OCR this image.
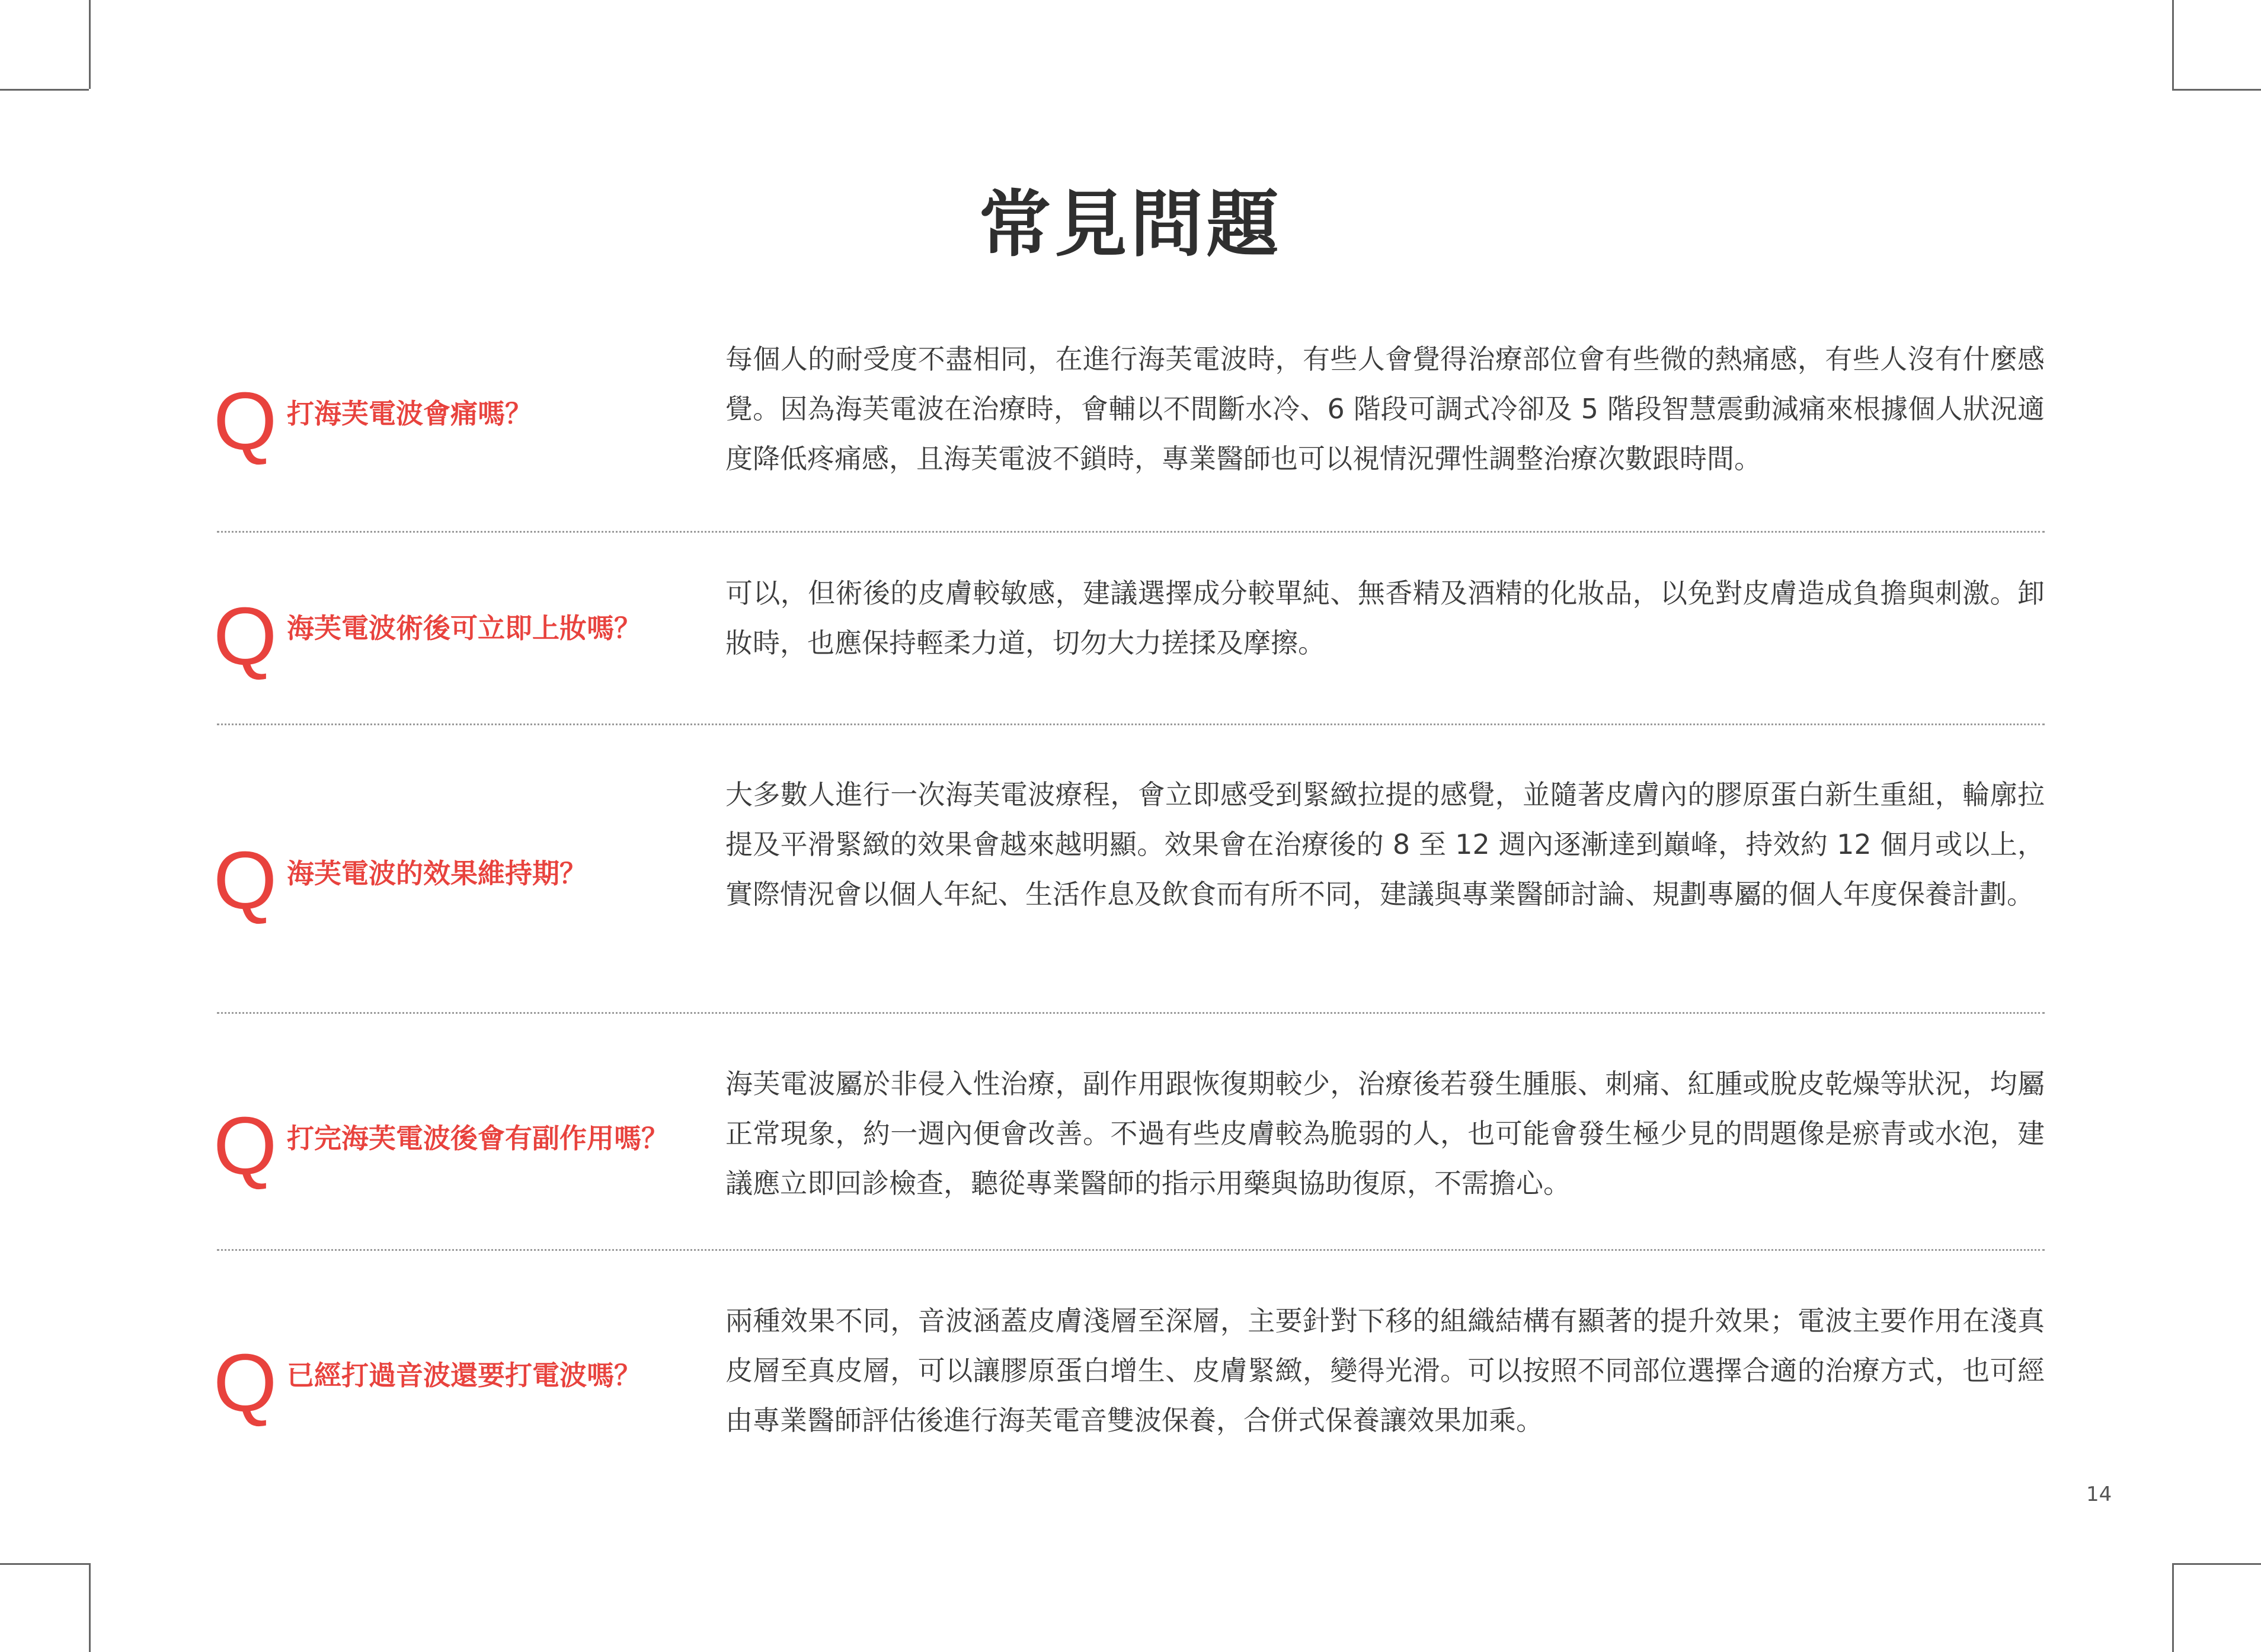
常見問題
Q 打海芙電波會痛嗎？

每個人的耐受度不盡相同，在進行海芙電波時，有些人會覺得治療部位會有些微的熱痛感，有些人沒有什麼感覺。因為海芙電波在治療時，會輔以不間斷水冷、6 階段可調式冷卻及 5 階段智慧震動減痛來根據個人狀況適度降低疼痛感，且海芙電波不鎖時，專業醫師也可以視情況彈性調整治療次數跟時間。

Q 海芙電波術後可立即上妝嗎？

可以，但術後的皮膚較敏感，建議選擇成分較單純、無香精及酒精的化妝品，以免對皮膚造成負擔與刺激。卸妝時，也應保持輕柔力道，切勿大力搓揉及摩擦。

Q 海芙電波的效果維持期？

大多數人進行一次海芙電波療程，會立即感受到緊緻拉提的感覺，並隨著皮膚內的膠原蛋白新生重組，輪廓拉提及平滑緊緻的效果會越來越明顯。效果會在治療後的 8 至 12 週內逐漸達到巔峰，持效約 12 個月或以上，實際情況會以個人年紀、生活作息及飲食而有所不同，建議與專業醫師討論、規劃專屬的個人年度保養計劃。

Q 打完海芙電波後會有副作用嗎？

海芙電波屬於非侵入性治療，副作用跟恢復期較少，治療後若發生腫脹、刺痛、紅腫或脫皮乾燥等狀況，均屬正常現象，約一週內便會改善。不過有些皮膚較為脆弱的人，也可能會發生極少見的問題像是瘀青或水泡，建議應立即回診檢查，聽從專業醫師的指示用藥與協助復原，不需擔心。

Q 已經打過音波還要打電波嗎？

兩種效果不同，音波涵蓋皮膚淺層至深層，主要針對下移的組織結構有顯著的提升效果；電波主要作用在淺真皮層至真皮層，可以讓膠原蛋白增生、皮膚緊緻，變得光滑。可以按照不同部位選擇合適的治療方式，也可經由專業醫師評估後進行海芙電音雙波保養，合併式保養讓效果加乘。

14
